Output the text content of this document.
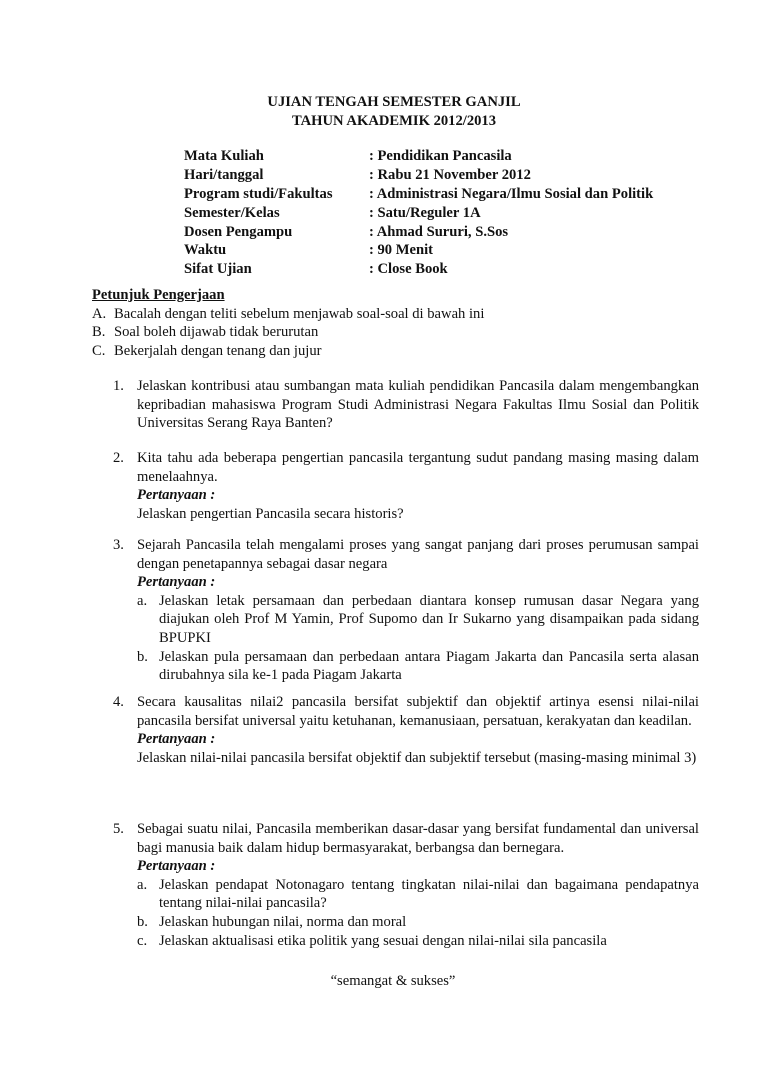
UJIAN TENGAH SEMESTER GANJIL
TAHUN AKADEMIK 2012/2013
Mata Kuliah	: Pendidikan Pancasila
Hari/tanggal	: Rabu 21 November 2012
Program studi/Fakultas : Administrasi Negara/Ilmu Sosial dan Politik
Semester/Kelas	: Satu/Reguler 1A
Dosen Pengampu	: Ahmad Sururi, S.Sos
Waktu	: 90 Menit
Sifat Ujian	: Close Book
Petunjuk Pengerjaan
A. Bacalah dengan teliti sebelum menjawab soal-soal di bawah ini
B. Soal boleh dijawab tidak berurutan
C. Bekerjalah dengan tenang dan jujur
1. Jelaskan kontribusi atau sumbangan mata kuliah pendidikan Pancasila dalam mengembangkan kepribadian mahasiswa Program Studi Administrasi Negara Fakultas Ilmu Sosial dan Politik Universitas Serang Raya Banten?

2. Kita tahu ada beberapa pengertian pancasila tergantung sudut pandang masing masing dalam menelaahnya.

Pertanyaan :

Jelaskan pengertian Pancasila secara historis?

3. Sejarah Pancasila telah mengalami proses yang sangat panjang dari proses perumusan sampai dengan penetapannya sebagai dasar negara

Pertanyaan :

a. Jelaskan letak persamaan dan perbedaan diantara konsep rumusan dasar Negara yang diajukan oleh Prof M Yamin, Prof Supomo dan Ir Sukarno yang disampaikan pada sidang BPUPKI

b. Jelaskan pula persamaan dan perbedaan antara Piagam Jakarta dan Pancasila serta alasan dirubahnya sila ke-1 pada Piagam Jakarta

4. Secara kausalitas nilai2 pancasila bersifat subjektif dan objektif artinya esensi nilai-nilai pancasila bersifat universal yaitu ketuhanan, kemanusiaan, persatuan, kerakyatan dan keadilan.

Pertanyaan :

Jelaskan nilai-nilai pancasila bersifat objektif dan subjektif tersebut (masing-masing minimal 3)

5. Sebagai suatu nilai, Pancasila memberikan dasar-dasar yang bersifat fundamental dan universal bagi manusia baik dalam hidup bermasyarakat, berbangsa dan bernegara.

Pertanyaan :

a. Jelaskan pendapat Notonagaro tentang tingkatan nilai-nilai dan bagaimana pendapatnya tentang nilai-nilai pancasila?

b. Jelaskan hubungan nilai, norma dan moral

c. Jelaskan aktualisasi etika politik yang sesuai dengan nilai-nilai sila pancasila

“semangat & sukses”
